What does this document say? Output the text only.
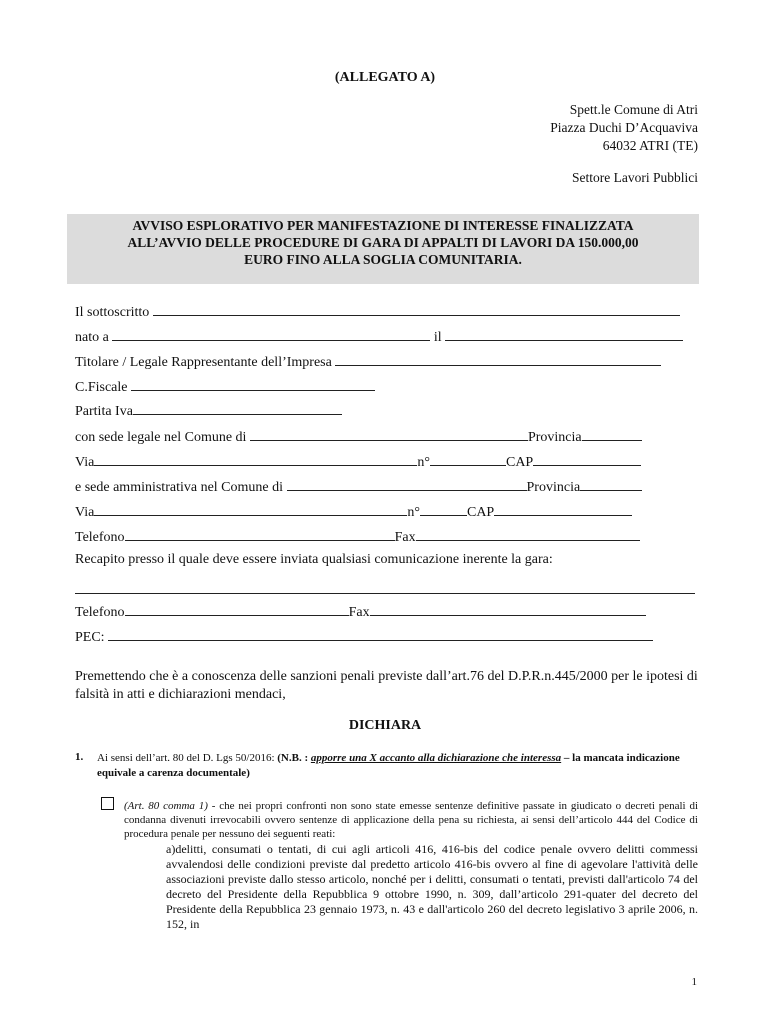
(ALLEGATO A)
Spett.le Comune di Atri
Piazza Duchi D’Acquaviva
64032 ATRI (TE)
Settore Lavori Pubblici
AVVISO ESPLORATIVO PER MANIFESTAZIONE DI INTERESSE FINALIZZATA
ALL’AVVIO DELLE PROCEDURE DI GARA DI APPALTI DI LAVORI DA 150.000,00
EURO FINO ALLA SOGLIA COMUNITARIA.
Il sottoscritto
nato a	il
Titolare / Legale Rappresentante dell’Impresa
C.Fiscale
Partita Iva
con sede legale nel Comune di	Provincia
Via	n°	CAP
e sede amministrativa nel Comune di	Provincia
Via	n°	CAP
Telefono	Fax
Recapito presso il quale deve essere inviata qualsiasi comunicazione inerente la gara:
Telefono	Fax
PEC:
Premettendo che è a conoscenza delle sanzioni penali previste dall’art.76 del D.P.R.n.445/2000 per le ipotesi di falsità in atti e dichiarazioni mendaci,
DICHIARA
1. Ai sensi dell’art. 80 del D. Lgs 50/2016: (N.B. : apporre una X accanto alla dichiarazione che interessa – la mancata indicazione equivale a carenza documentale)
(Art. 80 comma 1) - che nei propri confronti non sono state emesse sentenze definitive passate in giudicato o decreti penali di condanna divenuti irrevocabili ovvero sentenze di applicazione della pena su richiesta, ai sensi dell’articolo 444 del Codice di procedura penale per nessuno dei seguenti reati:
a)delitti, consumati o tentati, di cui agli articoli 416, 416-bis del codice penale ovvero delitti commessi avvalendosi delle condizioni previste dal predetto articolo 416-bis ovvero al fine di agevolare l'attività delle associazioni previste dallo stesso articolo, nonché per i delitti, consumati o tentati, previsti dall'articolo 74 del decreto del Presidente della Repubblica 9 ottobre 1990, n. 309, dall’articolo 291-quater del decreto del Presidente della Repubblica 23 gennaio 1973, n. 43 e dall'articolo 260 del decreto legislativo 3 aprile 2006, n. 152, in
1
